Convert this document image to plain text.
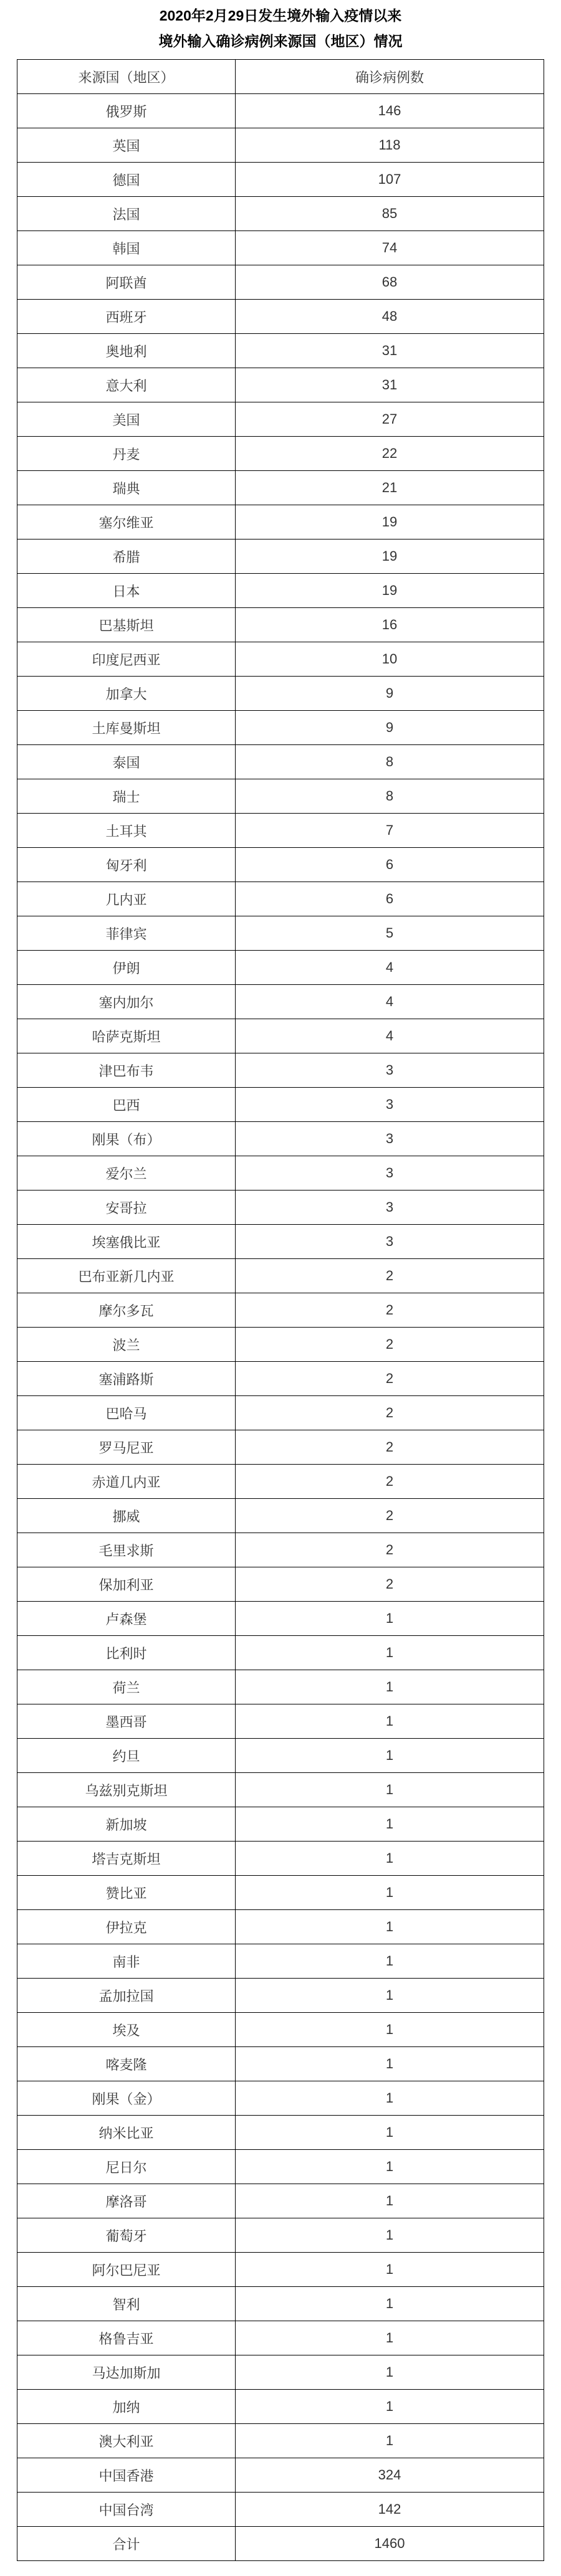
2020年2月29日发生境外输入疫情以来
境外输入确诊病例来源国（地区）情况
来源国（地区）	确诊病例数
俄罗斯	146
英国	118
德国	107
法国	85
韩国	74
阿联酋	68
西班牙	48
奥地利	31
意大利	31
美国	27
丹麦	22
瑞典	21
塞尔维亚	19
希腊	19
日本	19
巴基斯坦	16
印度尼西亚	10
加拿大	9
土库曼斯坦	9
泰国	8
瑞士	8
土耳其	7
匈牙利	6
几内亚	6
菲律宾	5
伊朗	4
塞内加尔	4
哈萨克斯坦	4
津巴布韦	3
巴西	3
刚果（布）	3
爱尔兰	3
安哥拉	3
埃塞俄比亚	3
巴布亚新几内亚	2
摩尔多瓦	2
波兰	2
塞浦路斯	2
巴哈马	2
罗马尼亚	2
赤道几内亚	2
挪威	2
毛里求斯	2
保加利亚	2
卢森堡	1
比利时	1
荷兰	1
墨西哥	1
约旦	1
乌兹别克斯坦	1
新加坡	1
塔吉克斯坦	1
赞比亚	1
伊拉克	1
南非	1
孟加拉国	1
埃及	1
喀麦隆	1
刚果（金）	1
纳米比亚	1
尼日尔	1
摩洛哥	1
葡萄牙	1
阿尔巴尼亚	1
智利	1
格鲁吉亚	1
马达加斯加	1
加纳	1
澳大利亚	1
中国香港	324
中国台湾	142
合计	1460
